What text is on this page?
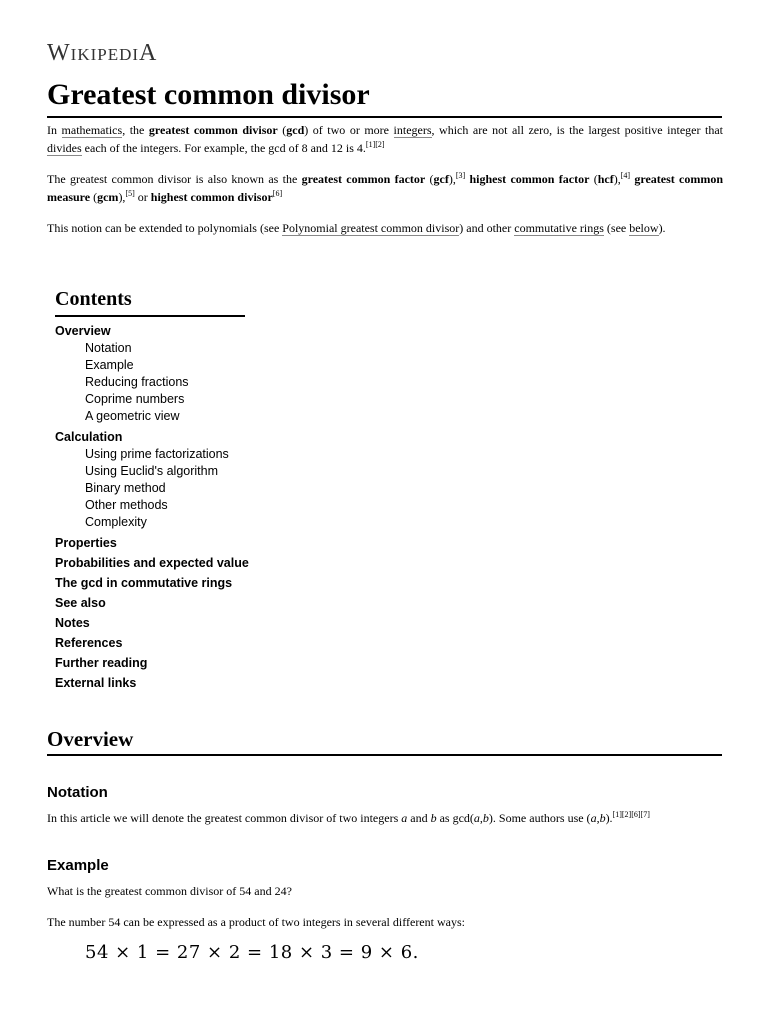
WIKIPEDIA
Greatest common divisor

In mathematics, the greatest common divisor (gcd) of two or more integers, which are not all zero, is the largest positive integer that divides each of the integers. For example, the gcd of 8 and 12 is 4.[1][2]

The greatest common divisor is also known as the greatest common factor (gcf),[3] highest common factor (hcf),[4] greatest common measure (gcm),[5] or highest common divisor[6]

This notion can be extended to polynomials (see Polynomial greatest common divisor) and other commutative rings (see below).

Contents
Overview
Notation
Example
Reducing fractions
Coprime numbers
A geometric view
Calculation
Using prime factorizations
Using Euclid's algorithm
Binary method
Other methods
Complexity
Properties
Probabilities and expected value
The gcd in commutative rings
See also
Notes
References
Further reading
External links
Overview
Notation

In this article we will denote the greatest common divisor of two integers a and b as gcd(a,b). Some authors use (a,b).[1][2][6][7]

Example

What is the greatest common divisor of 54 and 24?

The number 54 can be expressed as a product of two integers in several different ways:

54 × 1 = 27 × 2 = 18 × 3 = 9 × 6.
